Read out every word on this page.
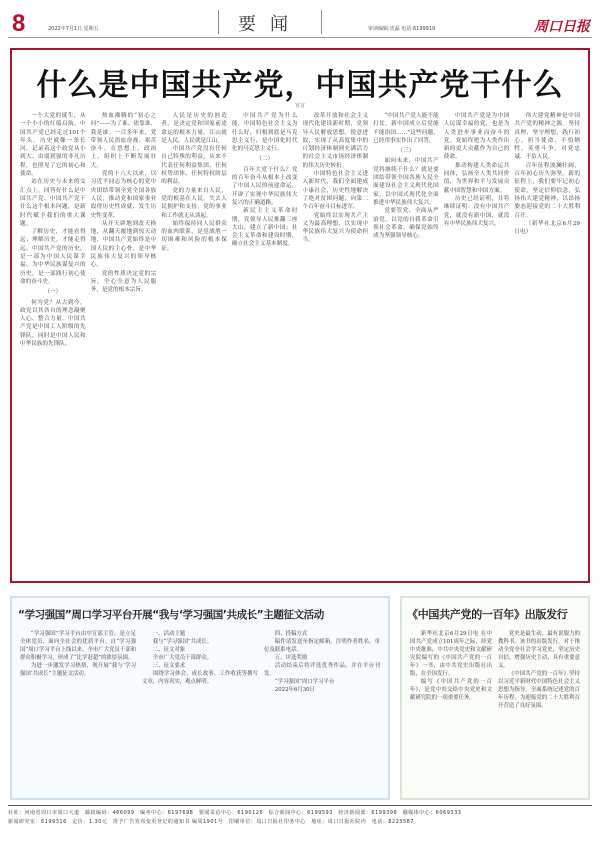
8	2022年7月1日 星期五	要闻	审读编辑:史磊 电话:6199919	周口日报
什么是中国共产党，中国共产党干什么
宣言

一个大党的诞生，从一个小小的红船启航。中国共产党已经走过101个年头。历史就像一条长河，记录着这个政党从小到大、由弱到强的非凡历程，也照见了它的初心和使命。

站在历史与未来的交汇点上，回答好什么是中国共产党、中国共产党干什么这个根本问题，是新时代赋予我们的重大课题。

了解历史，才能看得远；理解历史，才能走得远。中国共产党的历史，是一部为中国人民谋幸福、为中华民族谋复兴的历史，是一部践行初心使命的奋斗史。

（一）

何为党？从古到今，政党以其各自的理念凝聚人心、整合力量。中国共产党是中国工人阶级的先锋队，同时是中国人民和中华民族的先锋队。

热血沸腾的“初心之问”——为了谁、依靠谁、我是谁。一百多年来，党带领人民浴血奋战、艰苦奋斗，在思想上、政治上、组织上不断发展壮大。

党的十八大以来，以习近平同志为核心的党中央团结带领全党全国各族人民，推动党和国家事业取得历史性成就、发生历史性变革。

从开天辟地到改天换地，从翻天覆地到惊天动地，中国共产党始终是中国人民的主心骨，是中华民族伟大复兴的领导核心。

党的性质决定党的宗旨。全心全意为人民服务，是党的根本宗旨。

人民是历史的创造者，是决定党和国家前途命运的根本力量。江山就是人民，人民就是江山。

中国共产党没有任何自己特殊的利益，从来不代表任何利益集团、任何权势团体、任何特权阶层的利益。

党的力量来自人民，党的根基在人民。失去人民拥护和支持，党的事业和工作就无从谈起。

始终保持同人民群众的血肉联系，是党战胜一切困难和风险的根本保证。

中国共产党为什么能，中国特色社会主义为什么好，归根到底是马克思主义行，是中国化时代化的马克思主义行。

（二）

百年大党干什么？党的百年奋斗从根本上改变了中国人民的前途命运，开辟了实现中华民族伟大复兴的正确道路。

新民主主义革命时期，党领导人民推翻三座大山，建立了新中国；社会主义革命和建设时期，确立社会主义基本制度。

改革开放和社会主义现代化建设新时期，党领导人民解放思想、锐意进取，实现了从高度集中的计划经济体制到充满活力的社会主义市场经济体制的伟大历史转折。

中国特色社会主义进入新时代，我们全面建成小康社会，历史性地解决了绝对贫困问题，向第二个百年奋斗目标进军。

党始终以实现共产主义为最高理想，以实现中华民族伟大复兴为使命担当。

“中国共产党人能不能打仗，新中国成立后党能不能治国……”这些问题，已经用事实作出了回答。

（三）

面向未来，中国共产党将继续干什么？就是要团结带领全国各族人民全面建设社会主义现代化国家，以中国式现代化全面推进中华民族伟大复兴。

党要管党、全面从严治党，以党的自我革命引领社会革命，确保党始终成为坚强领导核心。

中国共产党是为中国人民谋幸福的党，也是为人类进步事业而奋斗的党。党始终把为人类作出新的更大贡献作为自己的使命。

推动构建人类命运共同体，弘扬全人类共同价值，为世界和平与发展贡献中国智慧和中国方案。

历史已经证明，并将继续证明：没有中国共产党，就没有新中国，就没有中华民族伟大复兴。

伟大建党精神是中国共产党的精神之源。坚持真理、坚守理想，践行初心、担当使命，不怕牺牲、英勇斗争，对党忠诚、不负人民。

百年征程波澜壮阔，百年初心历久弥坚。新的征程上，我们要牢记初心使命，坚定信仰信念，弘扬伟大建党精神，以昂扬姿态迎接党的二十大胜利召开。

（新华社北京6月29日电）

“学习强国”周口学习平台开展“我与‘学习强国’共成长”主题征文活动

“学习强国”学习平台由中宣部主管，是立足全体党员、面向全社会的优质平台。自“学习强国”周口学习平台上线以来，全市广大党员干部和群众积极学习，形成了“比学赶超”的浓厚氛围。

为进一步激发学习热情，现开展“我与‘学习强国’共成长”主题征文活动。

一、活动主题

我与“学习强国”共成长。

二、征文对象

全市广大党员干部群众。

三、征文要求

围绕学习体会、成长故事、工作收获等撰写文章，内容真实，观点鲜明。

四、投稿方式

稿件请发送至指定邮箱，注明作者姓名、单位及联系电话。

五、评选奖励

活动结束后将评选优秀作品，并在平台刊发。

“学习强国”周口学习平台

2022年6月30日

《中国共产党的一百年》出版发行

新华社北京6月29日电 在中国共产党成立101周年之际，经党中央批准，中共中央党史和文献研究院编写的《中国共产党的一百年》一书，由中共党史出版社出版，在全国发行。

编写《中国共产党的一百年》，是党中央交给中央党史和文献研究院的一项重要任务。

党史是最生动、最有说服力的教科书。该书的出版发行，对于推动全党全社会学习党史，坚定历史自信，增强历史主动，具有重要意义。

《中国共产党的一百年》坚持以习近平新时代中国特色社会主义思想为指导，全面系统记述党的百年历程，为迎接党的二十大胜利召开营造了良好氛围。

社址：河南省周口市周口大道　邮政编码：466099　编务中心：6197698　要闻采访中心：6190126　综合新闻中心：6199593　经济新闻部：6199398　融媒体中心：6069333
新闻研究室：6199316　定价：1.30元　准予广告发布变更登记的通知书 编周1901号　印刷单位：周口日报社印务中心　地址：周口日报社院内　电话：8223587
